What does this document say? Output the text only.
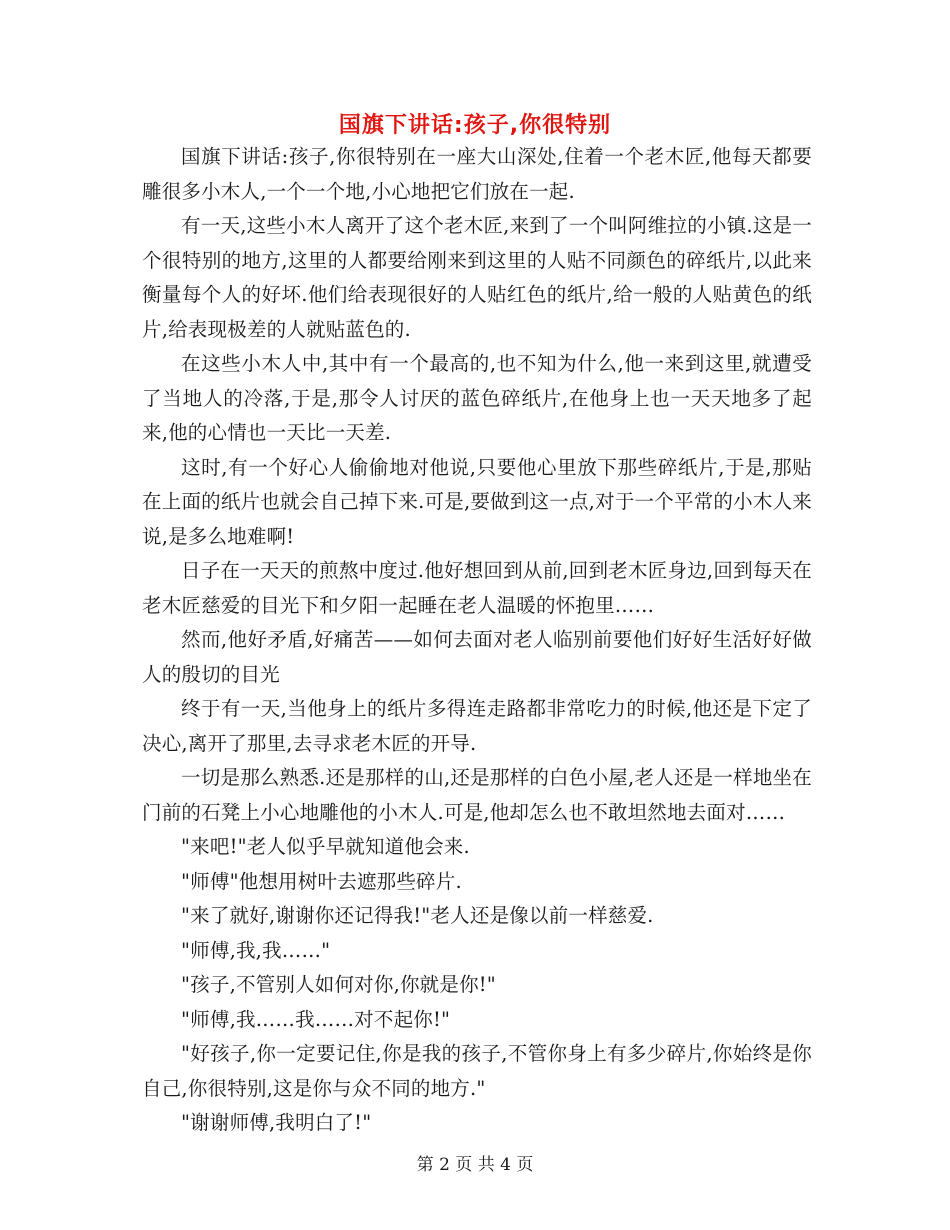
国旗下讲话:孩子,你很特别

国旗下讲话:孩子,你很特别在一座大山深处,住着一个老木匠,他每天都要雕很多小木人,一个一个地,小心地把它们放在一起.

有一天,这些小木人离开了这个老木匠,来到了一个叫阿维拉的小镇.这是一个很特别的地方,这里的人都要给刚来到这里的人贴不同颜色的碎纸片,以此来衡量每个人的好坏.他们给表现很好的人贴红色的纸片,给一般的人贴黄色的纸片,给表现极差的人就贴蓝色的.

在这些小木人中,其中有一个最高的,也不知为什么,他一来到这里,就遭受了当地人的冷落,于是,那令人讨厌的蓝色碎纸片,在他身上也一天天地多了起来,他的心情也一天比一天差.

这时,有一个好心人偷偷地对他说,只要他心里放下那些碎纸片,于是,那贴在上面的纸片也就会自己掉下来.可是,要做到这一点,对于一个平常的小木人来说,是多么地难啊!

日子在一天天的煎熬中度过.他好想回到从前,回到老木匠身边,回到每天在老木匠慈爱的目光下和夕阳一起睡在老人温暖的怀抱里……

然而,他好矛盾,好痛苦——如何去面对老人临别前要他们好好生活好好做人的殷切的目光

终于有一天,当他身上的纸片多得连走路都非常吃力的时候,他还是下定了决心,离开了那里,去寻求老木匠的开导.

一切是那么熟悉.还是那样的山,还是那样的白色小屋,老人还是一样地坐在门前的石凳上小心地雕他的小木人.可是,他却怎么也不敢坦然地去面对……

"来吧!"老人似乎早就知道他会来.

"师傅"他想用树叶去遮那些碎片.

"来了就好,谢谢你还记得我!"老人还是像以前一样慈爱.

"师傅,我,我……"

"孩子,不管别人如何对你,你就是你!"

"师傅,我……我……对不起你!"

"好孩子,你一定要记住,你是我的孩子,不管你身上有多少碎片,你始终是你自己,你很特别,这是你与众不同的地方."

"谢谢师傅,我明白了!"

第 2 页 共 4 页
